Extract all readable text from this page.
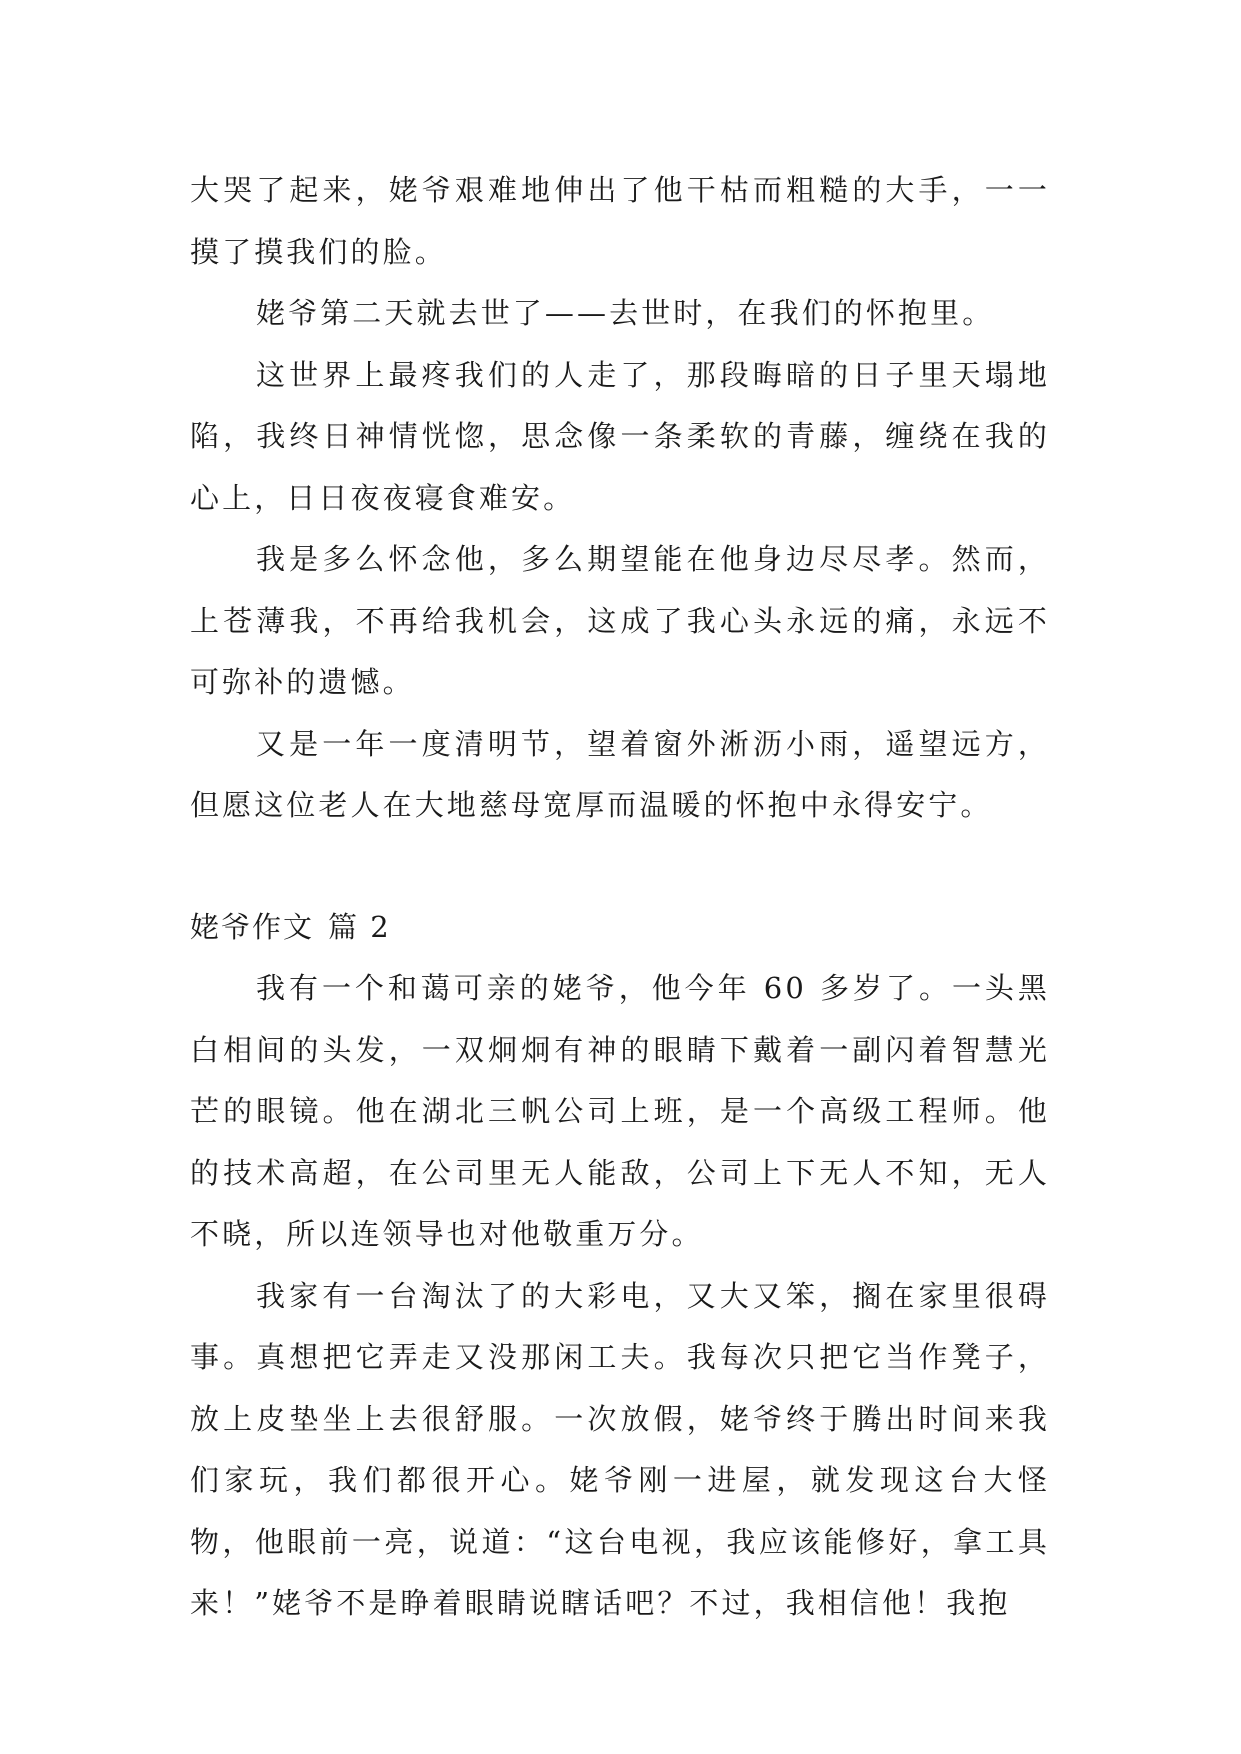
大哭了起来，姥爷艰难地伸出了他干枯而粗糙的大手，一一摸了摸我们的脸。

姥爷第二天就去世了——去世时，在我们的怀抱里。

这世界上最疼我们的人走了，那段晦暗的日子里天塌地陷，我终日神情恍惚，思念像一条柔软的青藤，缠绕在我的心上，日日夜夜寝食难安。

我是多么怀念他，多么期望能在他身边尽尽孝。然而，上苍薄我，不再给我机会，这成了我心头永远的痛，永远不可弥补的遗憾。

又是一年一度清明节，望着窗外淅沥小雨，遥望远方，但愿这位老人在大地慈母宽厚而温暖的怀抱中永得安宁。

姥爷作文 篇 2

我有一个和蔼可亲的姥爷，他今年 60 多岁了。一头黑白相间的头发，一双炯炯有神的眼睛下戴着一副闪着智慧光芒的眼镜。他在湖北三帆公司上班，是一个高级工程师。他的技术高超，在公司里无人能敌，公司上下无人不知，无人不晓，所以连领导也对他敬重万分。

我家有一台淘汰了的大彩电，又大又笨，搁在家里很碍事。真想把它弄走又没那闲工夫。我每次只把它当作凳子，放上皮垫坐上去很舒服。一次放假，姥爷终于腾出时间来我们家玩，我们都很开心。姥爷刚一进屋，就发现这台大怪物，他眼前一亮，说道：“这台电视，我应该能修好，拿工具来！”姥爷不是睁着眼睛说瞎话吧？不过，我相信他！我抱
